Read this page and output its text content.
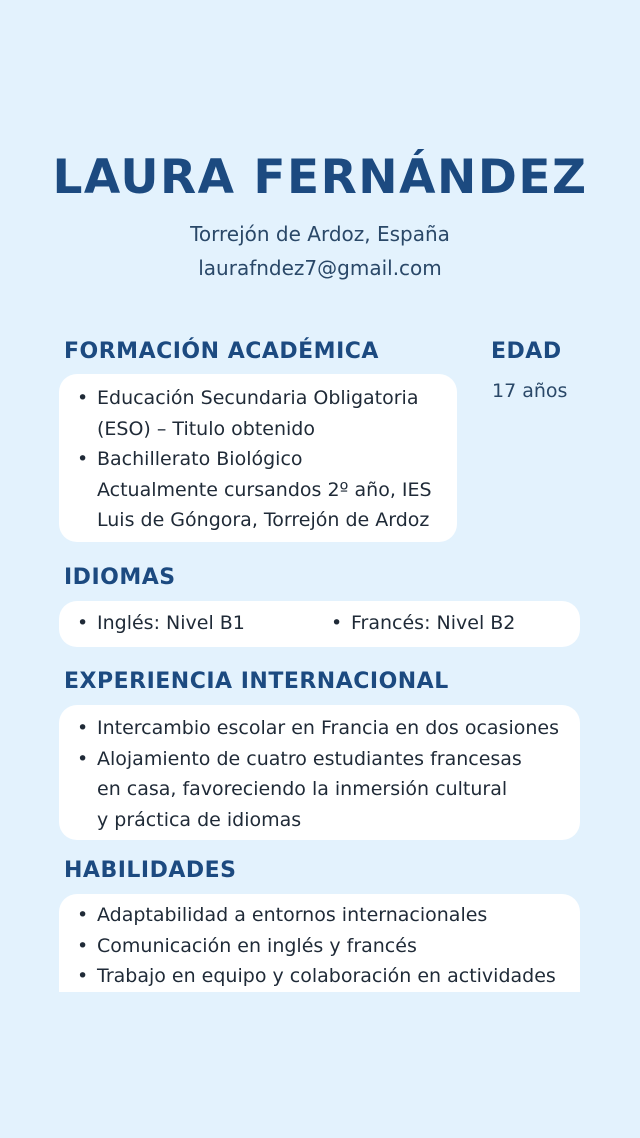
LAURA FERNÁNDEZ
Torrejón de Ardoz, España
laurafndez7@gmail.com
FORMACIÓN ACADÉMICA
• Educación Secundaria Obligatoria
(ESO) – Titulo obtenido
• Bachillerato Biológico
Actualmente cursandos 2º año, IES
Luis de Góngora, Torrejón de Ardoz
EDAD
17 años
IDIOMAS
• Inglés: Nivel B1
•	Francés: Nivel B2
EXPERIENCIA INTERNACIONAL
• Intercambio escolar en Francia en dos ocasiones
• Alojamiento de cuatro estudiantes francesas
en casa, favoreciendo la inmersión cultural
y práctica de idiomas
HABILIDADES
• Adaptabilidad a entornos internacionales
• Comunicación en inglés y francés
• Trabajo en equipo y colaboración en actividades
